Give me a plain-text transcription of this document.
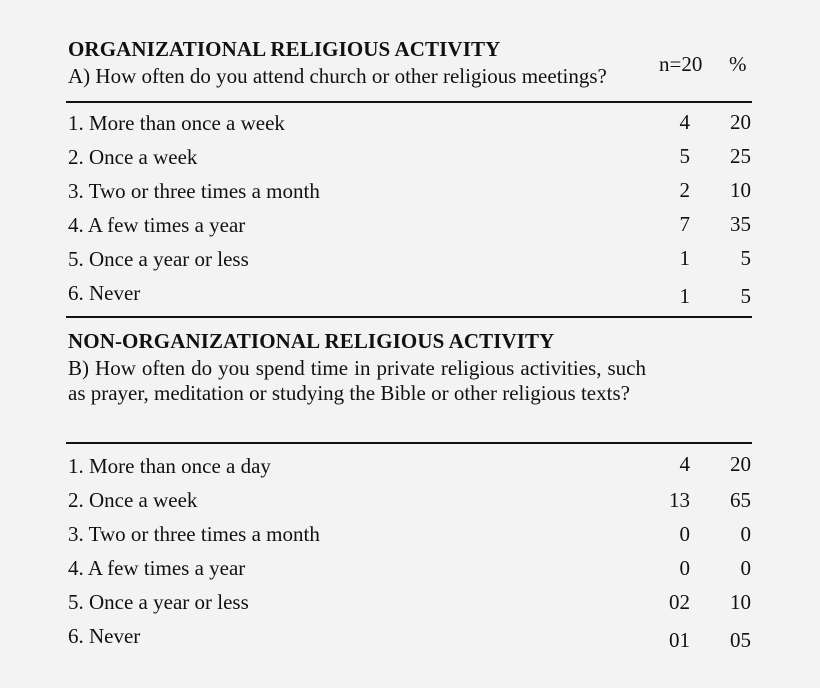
ORGANIZATIONAL RELIGIOUS ACTIVITY
A) How often do you attend church or other religious meetings? n=20 %
1. More than once a week	4 20
2. Once a week	5 25
3. Two or three times a month	2 10
4. A few times a year	7 35
5. Once a year or less	1 5
6. Never	1 5
NON-ORGANIZATIONAL RELIGIOUS ACTIVITY
B) How often do you spend time in private religious activities, such as prayer, meditation or studying the Bible or other religious texts?
1. More than once a day	4 20
2. Once a week	13 65
3. Two or three times a month	0 0
4. A few times a year	0 0
5. Once a year or less	02 10
6. Never	01 05
